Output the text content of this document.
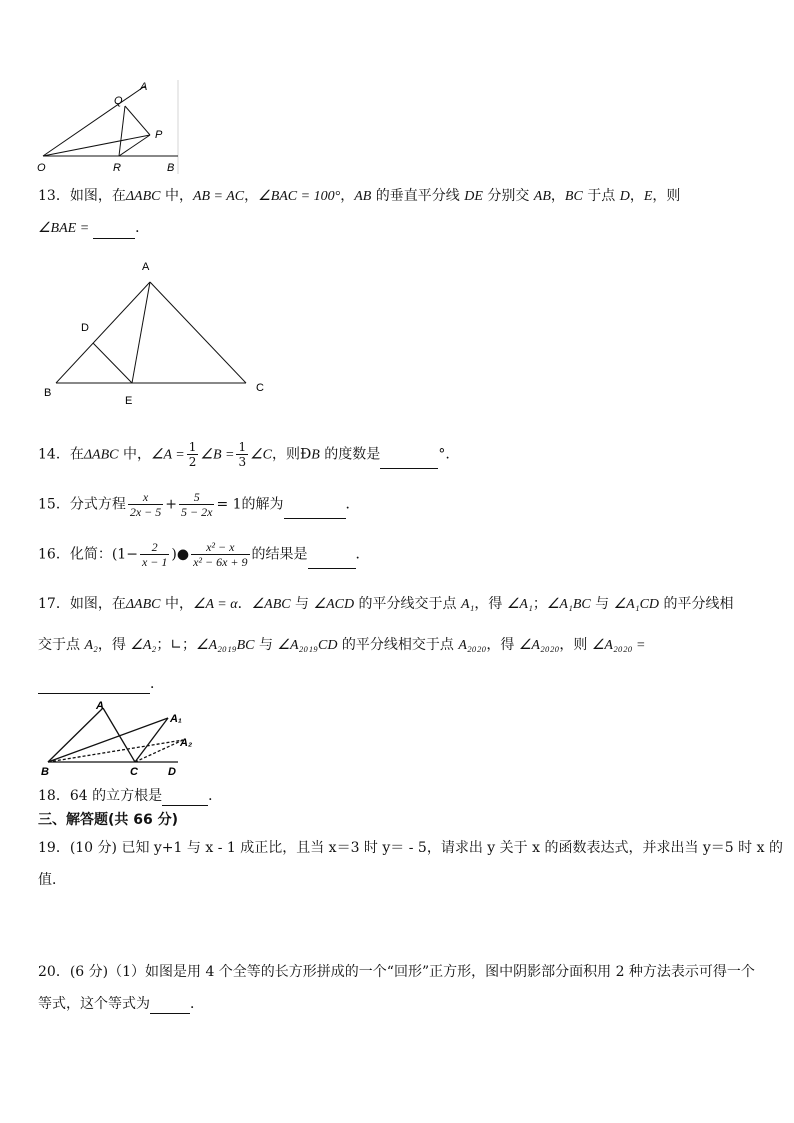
O
Q
A
P
R	B
13．如图，在ΔABC 中，AB = AC，∠BAC = 100°，AB 的垂直平分线 DE 分别交 AB，BC 于点 D，E，则
∠BAE =	．
A
D
B
E
C
14．在ΔABC 中，∠A = $\frac{1}{2}$ ∠B = $\frac{1}{3}$ ∠C，则ÐB 的度数是	°.
15．分式方程 $\frac{x}{2x - 5} + \frac{5}{5 - 2x} = 1$的解为	．
16．化简：($1- \frac{2}{x - 1}$ )● $\frac{\text{x² − x}}{\text{x² − 6x + 9}}$ 的结果是	．
17．如图，在ΔABC 中，∠A = α．∠ABC 与 ∠ACD 的平分线交于点 A₁，得 ∠A₁；∠A₁BC 与 ∠A₁CD 的平分线相
交于点 A₂，得 ∠A₂；∟；∠A₂₀₁₉BC 与 ∠A₂₀₁₉CD 的平分线相交于点 A₂₀₂₀，得 ∠A₂₀₂₀，则 ∠A₂₀₂₀ =
．
A
A₁
A₂
B	C	D
18．64 的立方根是	．
三、解答题(共 66 分)
19．(10 分) 已知 y+1 与 x - 1 成正比，且当 x＝3 时 y＝ - 5，请求出 y 关于 x 的函数表达式，并求出当 y＝5 时 x 的
值．
20．(6 分)（1）如图是用 4 个全等的长方形拼成的一个“回形”正方形，图中阴影部分面积用 2 种方法表示可得一个
等式，这个等式为	．
